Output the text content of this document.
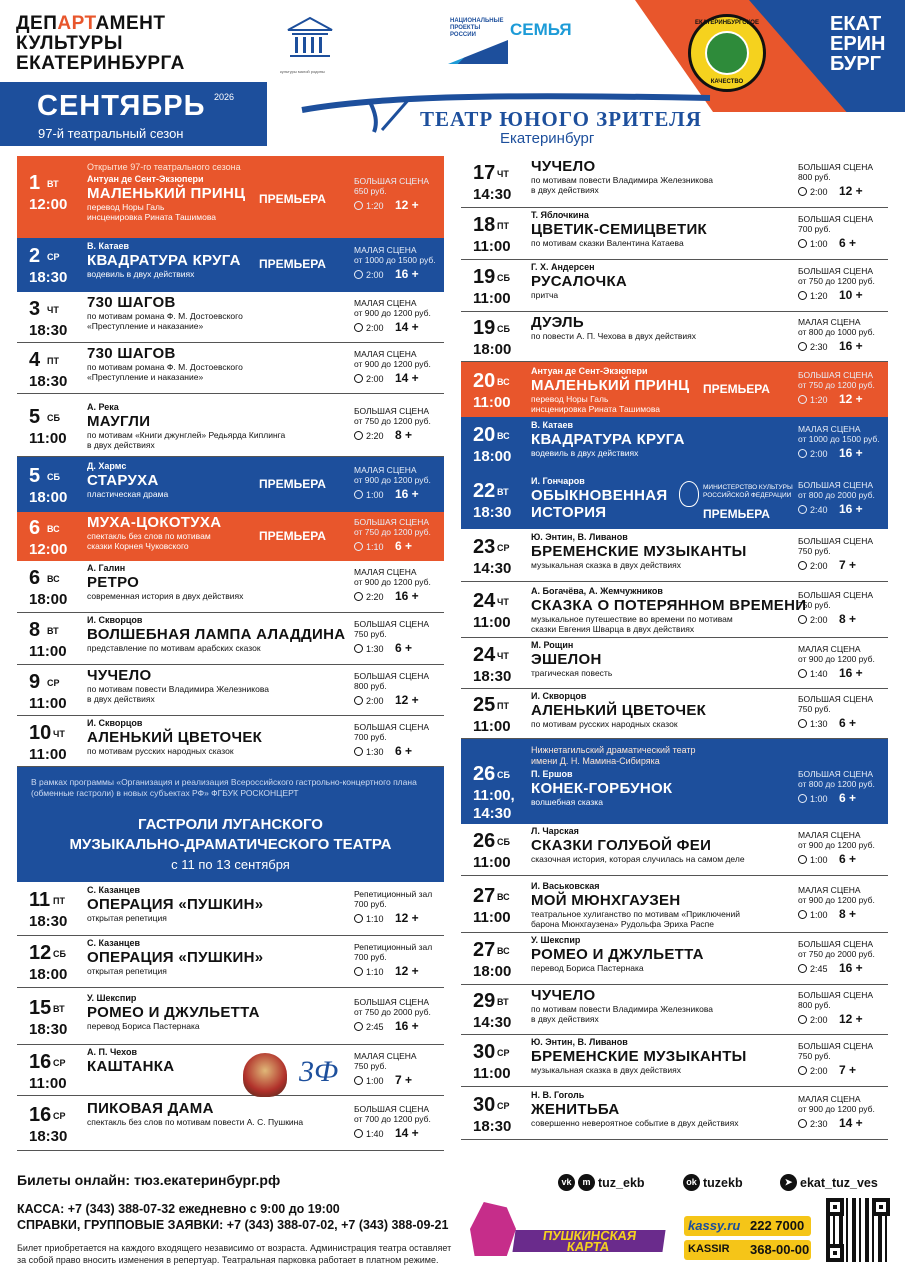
ДЕПАРТАМЕНТ
КУЛЬТУРЫ
ЕКАТЕРИНБУРГА	культуры малой родины
НАЦИОНАЛЬНЫЕ ПРОЕКТЫ РОССИИ	СЕМЬЯ	ЕКАТЕРИНБУРГСКОЕ
КАЧЕСТВО
ЕКАТ
ЕРИН
БУРГ
СЕНТЯБРЬ 2026
97-й театральный сезон
ТЕАТР ЮНОГО ЗРИТЕЛЯ
Екатеринбург
Открытие 97-го театрального сезона
1 ВТ
12:00
Антуан де Сент-Экзюпери
МАЛЕНЬКИЙ ПРИНЦ
перевод Норы Галь
инсценировка Рината Ташимова
ПРЕМЬЕРА
БОЛЬШАЯ СЦЕНА
650 руб.
1:20 12 +
2 СР
18:30
В. Катаев
КВАДРАТУРА КРУГА
водевиль в двух действиях
ПРЕМЬЕРА
МАЛАЯ СЦЕНА
от 1000 до 1500 руб.
2:00 16 +
3 ЧТ
18:30
730 ШАГОВ
по мотивам романа Ф. М. Достоевского
«Преступление и наказание»
МАЛАЯ СЦЕНА
от 900 до 1200 руб.
2:00 14 +
4 ПТ
18:30
730 ШАГОВ
по мотивам романа Ф. М. Достоевского
«Преступление и наказание»
МАЛАЯ СЦЕНА
от 900 до 1200 руб.
2:00 14 +
5 СБ
11:00
А. Река
МАУГЛИ
по мотивам «Книги джунглей» Редьярда Киплинга
в двух действиях
БОЛЬШАЯ СЦЕНА
от 750 до 1200 руб.
2:20 8 +
5 СБ
18:00
Д. Хармс
СТАРУХА
пластическая драма
ПРЕМЬЕРА
МАЛАЯ СЦЕНА
от 900 до 1200 руб.
1:00 16 +
6 ВС
12:00
МУХА-ЦОКОТУХА
спектакль без слов по мотивам
сказки Корнея Чуковского
ПРЕМЬЕРА
БОЛЬШАЯ СЦЕНА
от 750 до 1200 руб.
1:10 6 +
6 ВС
18:00
А. Галин
РЕТРО
современная история в двух действиях
МАЛАЯ СЦЕНА
от 900 до 1200 руб.
2:20 16 +
8 ВТ
11:00
И. Скворцов
ВОЛШЕБНАЯ ЛАМПА АЛАДДИНА
представление по мотивам арабских сказок
БОЛЬШАЯ СЦЕНА
750 руб.
1:30 6 +
9 СР
11:00
ЧУЧЕЛО
по мотивам повести Владимира Железникова
в двух действиях
БОЛЬШАЯ СЦЕНА
800 руб.
2:00 12 +
10 ЧТ
11:00
И. Скворцов
АЛЕНЬКИЙ ЦВЕТОЧЕК
по мотивам русских народных сказок
БОЛЬШАЯ СЦЕНА
700 руб.
1:30 6 +
В рамках программы «Организация и реализация Всероссийского гастрольно-концертного плана (обменные гастроли) в новых субъектах РФ» ФГБУК РОСКОНЦЕРТ
ГАСТРОЛИ ЛУГАНСКОГО
МУЗЫКАЛЬНО-ДРАМАТИЧЕСКОГО ТЕАТРА
с 11 по 13 сентября
11 ПТ
18:30
С. Казанцев
ОПЕРАЦИЯ «ПУШКИН»
открытая репетиция
Репетиционный зал
700 руб.
1:10 12 +
12 СБ
18:00
С. Казанцев
ОПЕРАЦИЯ «ПУШКИН»
открытая репетиция
Репетиционный зал
700 руб.
1:10 12 +
15 ВТ
18:30
У. Шекспир
РОМЕО И ДЖУЛЬЕТТА
перевод Бориса Пастернака
БОЛЬШАЯ СЦЕНА
от 750 до 2000 руб.
2:45 16 +
16 СР
11:00
А. П. Чехов
КАШТАНКА
МАЛАЯ СЦЕНА
750 руб.
1:00 7 +
3Ф
16 СР
18:30
ПИКОВАЯ ДАМА
спектакль без слов по мотивам повести А. С. Пушкина
БОЛЬШАЯ СЦЕНА
от 700 до 1200 руб.
1:40 14 +
17 ЧТ
14:30
ЧУЧЕЛО
по мотивам повести Владимира Железникова
в двух действиях
БОЛЬШАЯ СЦЕНА
800 руб.
2:00 12 +
18 ПТ
11:00
Т. Яблочкина
ЦВЕТИК-СЕМИЦВЕТИК
по мотивам сказки Валентина Катаева
БОЛЬШАЯ СЦЕНА
700 руб.
1:00 6 +
19 СБ
11:00
Г. Х. Андерсен
РУСАЛОЧКА
притча
БОЛЬШАЯ СЦЕНА
от 750 до 1200 руб.
1:20 10 +
19 СБ
18:00
ДУЭЛЬ
по повести А. П. Чехова в двух действиях
МАЛАЯ СЦЕНА
от 800 до 1000 руб.
2:30 16 +
20 ВС
11:00
Антуан де Сент-Экзюпери
МАЛЕНЬКИЙ ПРИНЦ
перевод Норы Галь
инсценировка Рината Ташимова
ПРЕМЬЕРА
БОЛЬШАЯ СЦЕНА
от 750 до 1200 руб.
1:20 12 +
20 ВС
18:00
В. Катаев
КВАДРАТУРА КРУГА
водевиль в двух действиях
МАЛАЯ СЦЕНА
от 1000 до 1500 руб.
2:00 16 +
22 ВТ
18:30
И. Гончаров
ОБЫКНОВЕННАЯ
ИСТОРИЯ	ПРЕМЬЕРА
БОЛЬШАЯ СЦЕНА
от 800 до 2000 руб.
2:40 16 +
МИНИСТЕРСТВО КУЛЬТУРЫ РОССИЙСКОЙ ФЕДЕРАЦИИ
23 СР
14:30
Ю. Энтин, В. Ливанов
БРЕМЕНСКИЕ МУЗЫКАНТЫ
музыкальная сказка в двух действиях
БОЛЬШАЯ СЦЕНА
750 руб.
2:00 7 +
24 ЧТ
11:00
А. Богачёва, А. Жемчужников
СКАЗКА О ПОТЕРЯННОМ ВРЕМЕНИ
музыкальное путешествие во времени по мотивам
сказки Евгения Шварца в двух действиях
БОЛЬШАЯ СЦЕНА
750 руб.
2:00 8 +
24 ЧТ
18:30
М. Рощин
ЭШЕЛОН
трагическая повесть
МАЛАЯ СЦЕНА
от 900 до 1200 руб.
1:40 16 +
25 ПТ
11:00
И. Скворцов
АЛЕНЬКИЙ ЦВЕТОЧЕК
по мотивам русских народных сказок
БОЛЬШАЯ СЦЕНА
750 руб.
1:30 6 +
Нижнетагильский драматический театр
имени Д. Н. Мамина-Сибиряка
26 СБ
11:00,
14:30
П. Ершов
КОНЕК-ГОРБУНОК
волшебная сказка
БОЛЬШАЯ СЦЕНА
от 800 до 1200 руб.
1:00 6 +
26 СБ
11:00
Л. Чарская
СКАЗКИ ГОЛУБОЙ ФЕИ
сказочная история, которая случилась на самом деле
МАЛАЯ СЦЕНА
от 900 до 1200 руб.
1:00 6 +
27 ВС
11:00
И. Васьковская
МОЙ МЮНХГАУЗЕН
театральное хулиганство по мотивам «Приключений
барона Мюнхгаузена» Рудольфа Эриха Распе
МАЛАЯ СЦЕНА
от 900 до 1200 руб.
1:00 8 +
27 ВС
18:00
У. Шекспир
РОМЕО И ДЖУЛЬЕТТА
перевод Бориса Пастернака
БОЛЬШАЯ СЦЕНА
от 750 до 2000 руб.
2:45 16 +
29 ВТ
14:30
ЧУЧЕЛО
по мотивам повести Владимира Железникова
в двух действиях
БОЛЬШАЯ СЦЕНА
800 руб.
2:00 12 +
30 СР
11:00
Ю. Энтин, В. Ливанов
БРЕМЕНСКИЕ МУЗЫКАНТЫ
музыкальная сказка в двух действиях
БОЛЬШАЯ СЦЕНА
750 руб.
2:00 7 +
30 СР
18:30
Н. В. Гоголь
ЖЕНИТЬБА
совершенно невероятное событие в двух действиях
МАЛАЯ СЦЕНА
от 900 до 1200 руб.
2:30 14 +
Билеты онлайн: тюз.екатеринбург.рф
КАССА: +7 (343) 388-07-32 ежедневно с 9:00 до 19:00
СПРАВКИ, ГРУППОВЫЕ ЗАЯВКИ: +7 (343) 388-07-02, +7 (343) 388-09-21
Билет приобретается на каждого входящего независимо от возраста. Администрация театра оставляет за собой право вносить изменения в репертуар. Театральная парковка работает в платном режиме.
vk	m tuz_ekb	ok tuzekb	➤ ekat_tuz_ves
ПУШКИНСКАЯ
КАРТА
kassy.ru 222 7000
KASSIR 368-00-00
